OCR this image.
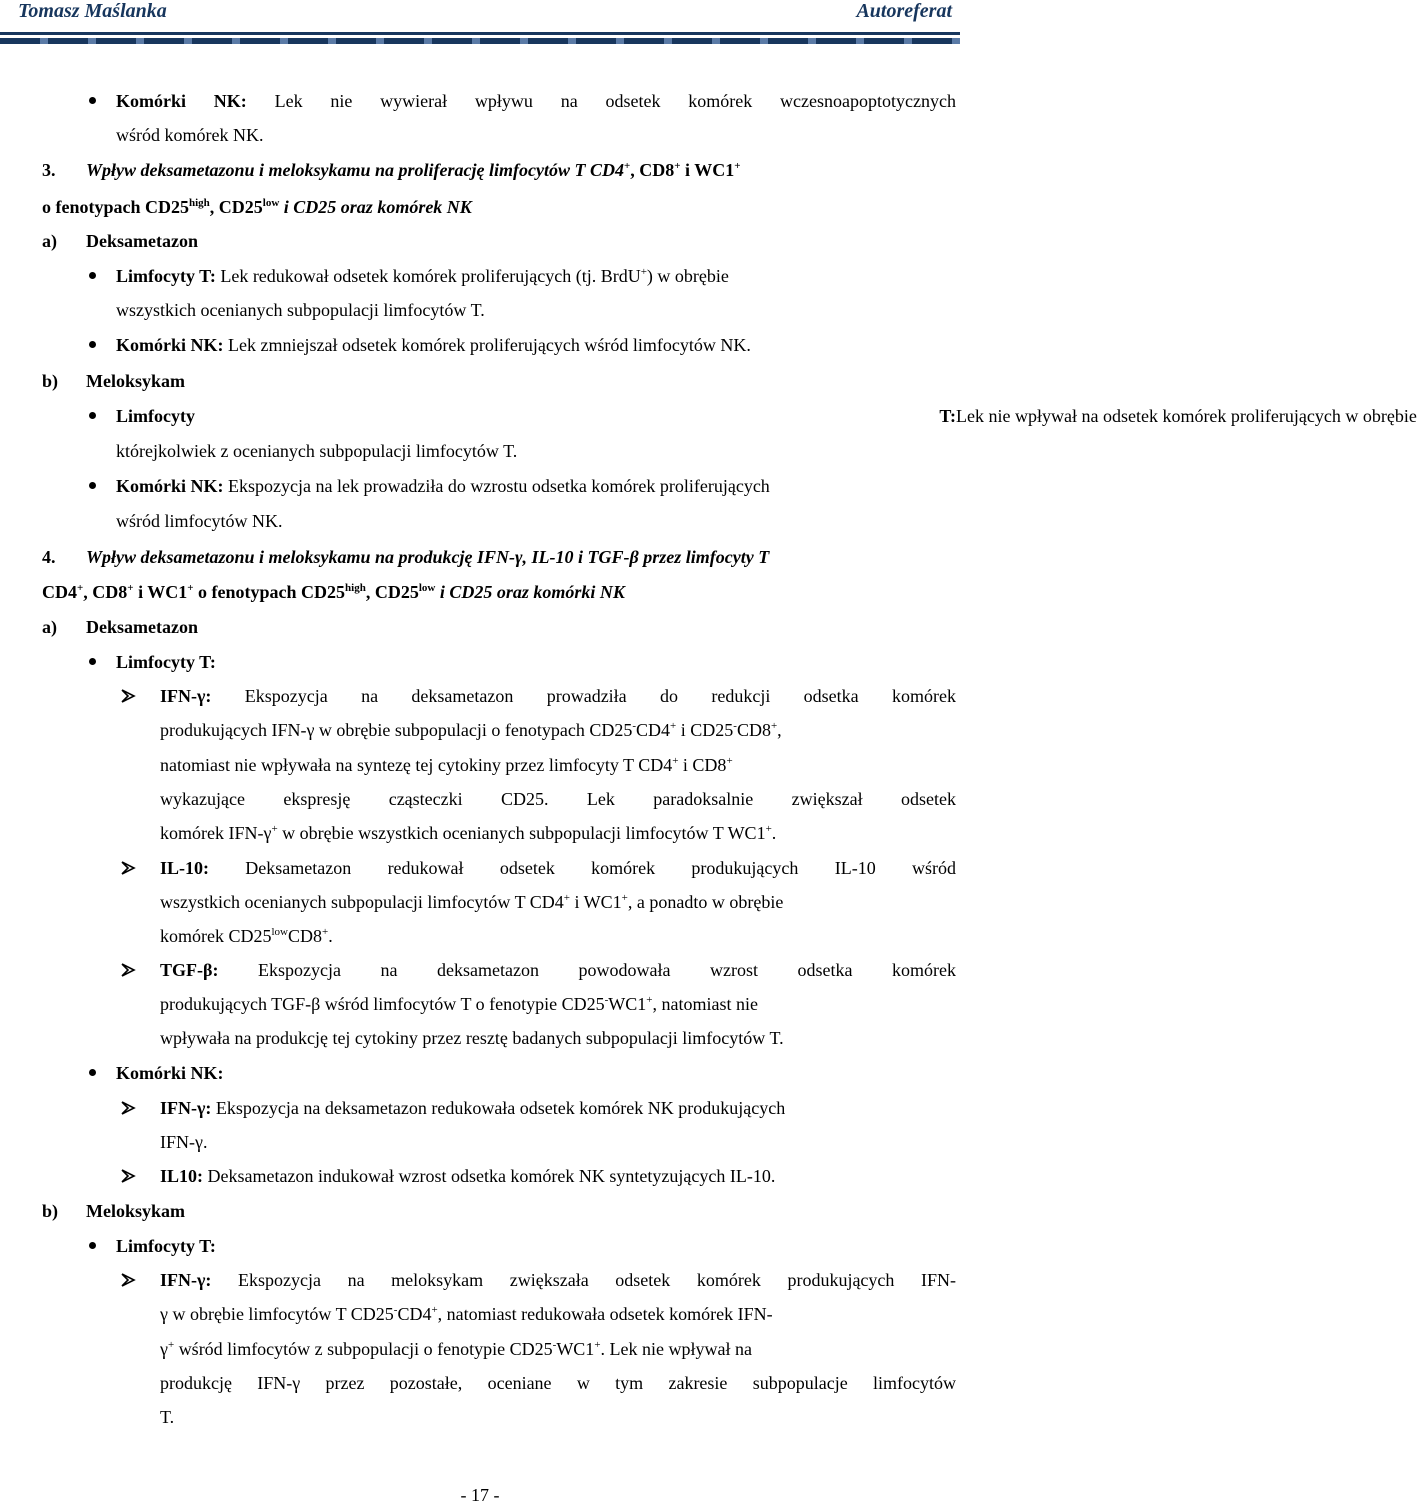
Tomasz Maślanka	Autoreferat
Komórki NK: Lek nie wywierał wpływu na odsetek komórek wczesnoapoptotycznych
wśród komórek NK.
3. Wpływ deksametazonu i meloksykamu na proliferację limfocytów T CD4+, CD8+ i WC1+
o fenotypach $CD25^{high}$, $CD25^{low}$ i CD25 oraz komórek NK
a) Deksametazon
Limfocyty T: Lek redukował odsetek komórek proliferujących (tj. BrdU+) w obrębie
wszystkich ocenianych subpopulacji limfocytów T.
Komórki NK: Lek zmniejszał odsetek komórek proliferujących wśród limfocytów NK.
b) Meloksykam
Limfocyty T: Lek nie wpływał na odsetek komórek proliferujących w obrębie
którejkolwiek z ocenianych subpopulacji limfocytów T.
Komórki NK: Ekspozycja na lek prowadziła do wzrostu odsetka komórek proliferujących
wśród limfocytów NK.
4. Wpływ deksametazonu i meloksykamu na produkcję IFN-γ, IL-10 i TGF-β przez limfocyty T
CD4+, CD8+ i WC1+ o fenotypach $CD25^{high}$, $CD25^{low}$ i CD25 oraz komórki NK
a) Deksametazon
Limfocyty T:
IFN-γ: Ekspozycja na deksametazon prowadziła do redukcji odsetka komórek
produkujących IFN-γ w obrębie subpopulacji o fenotypach CD25-CD4+ i CD25-CD8+,
natomiast nie wpływała na syntezę tej cytokiny przez limfocyty T CD4+ i CD8+
wykazujące ekspresję cząsteczki CD25. Lek paradoksalnie zwiększał odsetek
komórek IFN-γ+ w obrębie wszystkich ocenianych subpopulacji limfocytów T WC1+.
IL-10: Deksametazon redukował odsetek komórek produkujących IL-10 wśród
wszystkich ocenianych subpopulacji limfocytów T CD4+ i WC1+, a ponadto w obrębie
komórek $CD25^{low}CD8^+$.
TGF-β: Ekspozycja na deksametazon powodowała wzrost odsetka komórek
produkujących TGF-β wśród limfocytów T o fenotypie CD25-WC1+, natomiast nie
wpływała na produkcję tej cytokiny przez resztę badanych subpopulacji limfocytów T.
Komórki NK:
IFN-γ: Ekspozycja na deksametazon redukowała odsetek komórek NK produkujących
IFN-γ.
IL10: Deksametazon indukował wzrost odsetka komórek NK syntetyzujących IL-10.
b) Meloksykam
Limfocyty T:
IFN-γ: Ekspozycja na meloksykam zwiększała odsetek komórek produkujących IFN-
γ w obrębie limfocytów T CD25-CD4+, natomiast redukowała odsetek komórek IFN-
γ+ wśród limfocytów z subpopulacji o fenotypie CD25-WC1+. Lek nie wpływał na
produkcję IFN-γ przez pozostałe, oceniane w tym zakresie subpopulacje limfocytów
T.
- 17 -
